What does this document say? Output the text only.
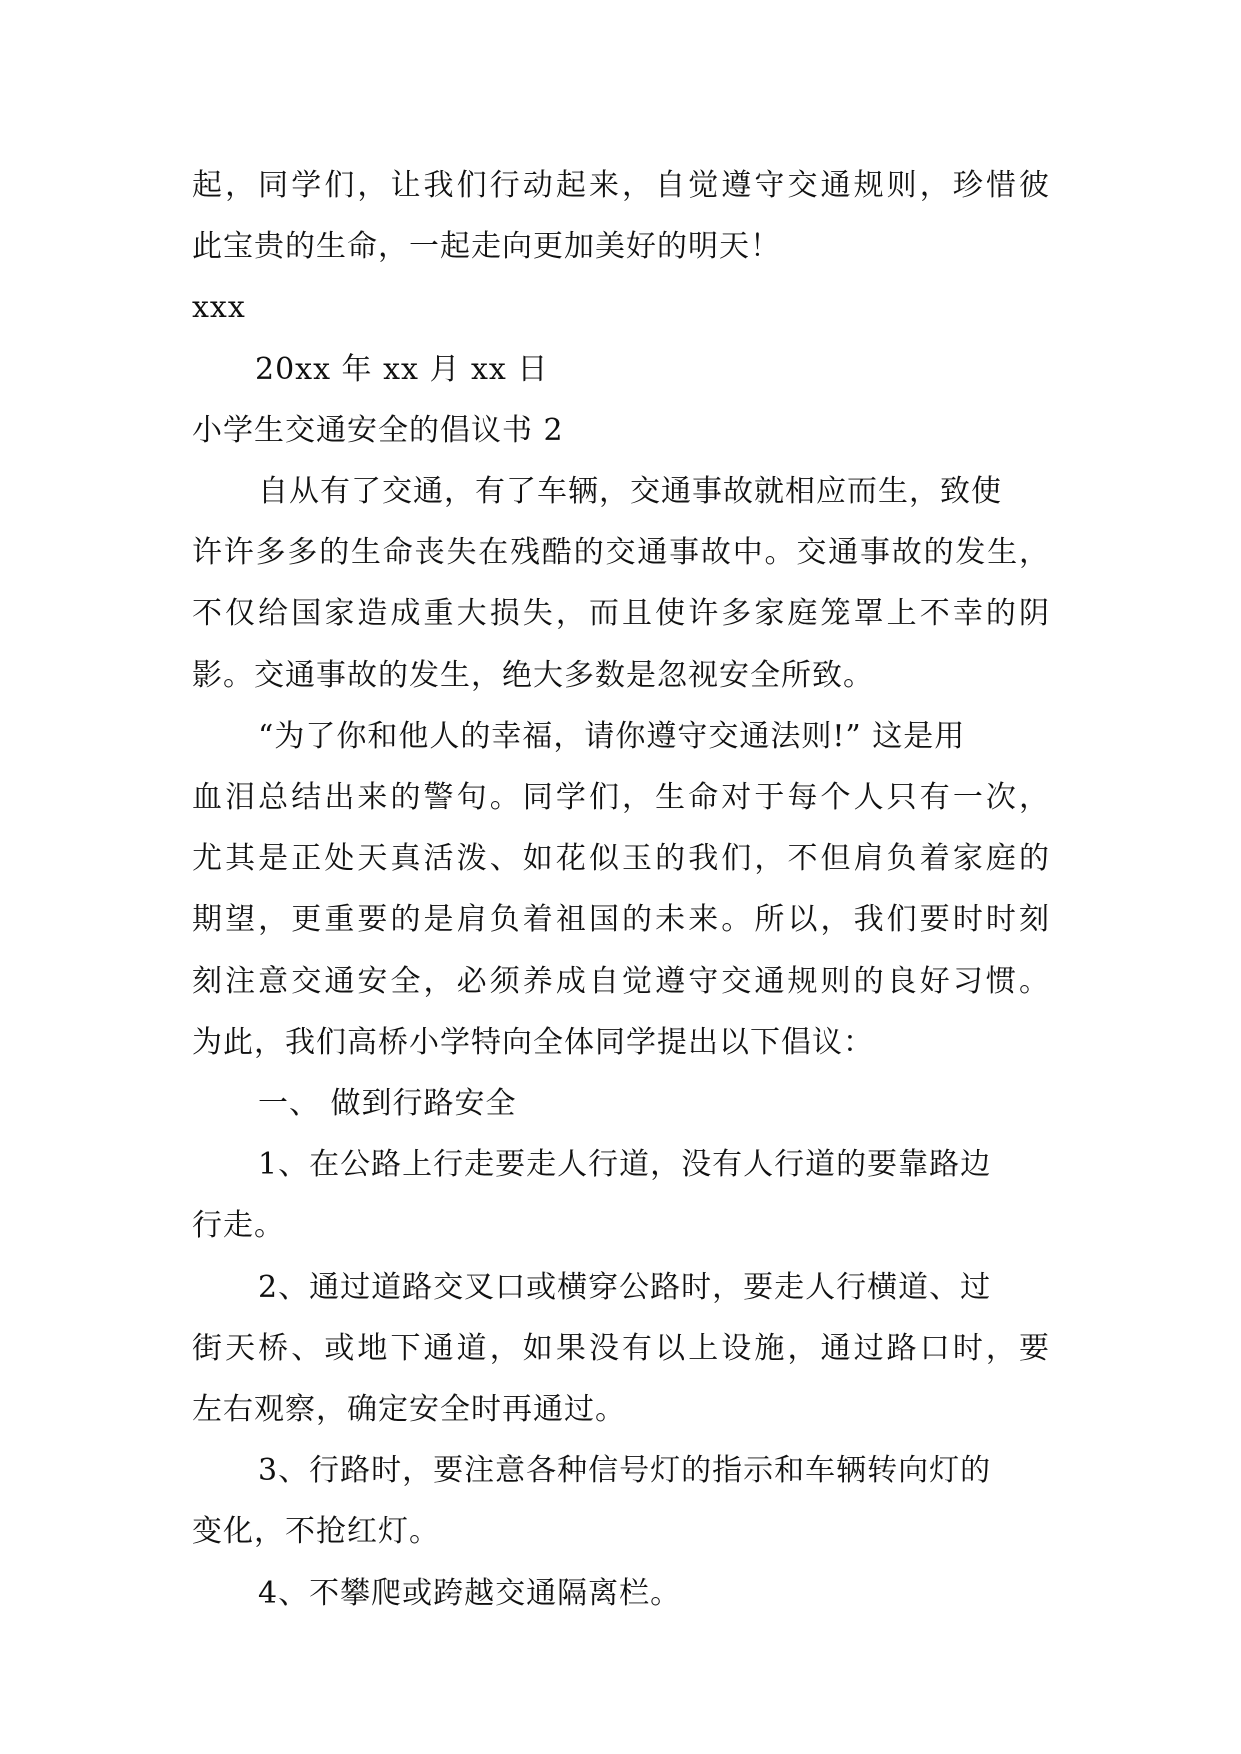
起，同学们，让我们行动起来，自觉遵守交通规则，珍惜彼
此宝贵的生命，一起走向更加美好的明天！
xxx
20xx 年 xx 月 xx 日
小学生交通安全的倡议书 2
自从有了交通，有了车辆，交通事故就相应而生，致使
许许多多的生命丧失在残酷的交通事故中。交通事故的发生，
不仅给国家造成重大损失，而且使许多家庭笼罩上不幸的阴
影。交通事故的发生，绝大多数是忽视安全所致。
“为了你和他人的幸福，请你遵守交通法则!” 这是用
血泪总结出来的警句。同学们，生命对于每个人只有一次，
尤其是正处天真活泼、如花似玉的我们，不但肩负着家庭的
期望，更重要的是肩负着祖国的未来。所以，我们要时时刻
刻注意交通安全，必须养成自觉遵守交通规则的良好习惯。
为此，我们高桥小学特向全体同学提出以下倡议：
一、 做到行路安全
1、在公路上行走要走人行道，没有人行道的要靠路边
行走。
2、通过道路交叉口或横穿公路时，要走人行横道、过
街天桥、或地下通道，如果没有以上设施，通过路口时，要
左右观察，确定安全时再通过。
3、行路时，要注意各种信号灯的指示和车辆转向灯的
变化，不抢红灯。
4、不攀爬或跨越交通隔离栏。
